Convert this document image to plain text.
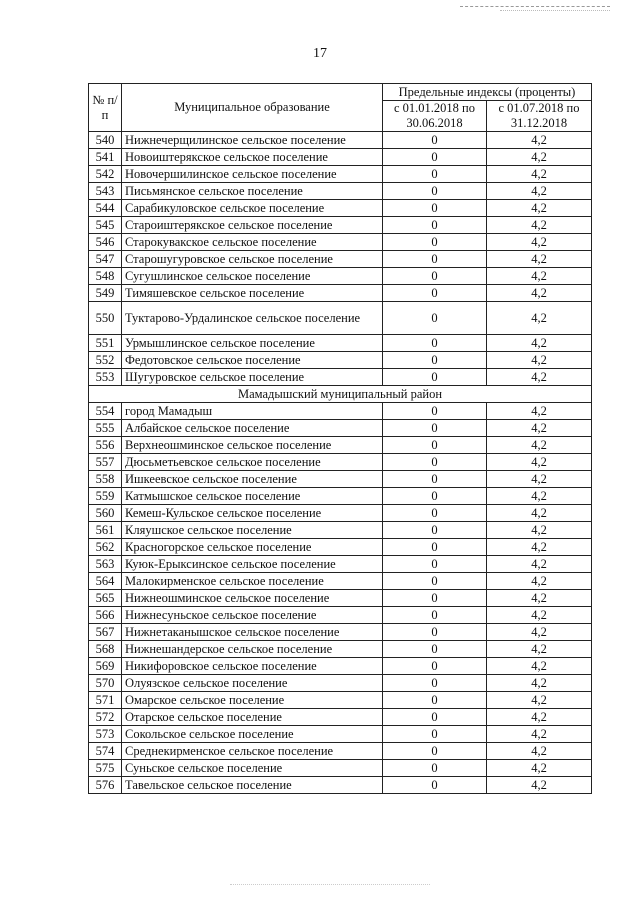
17
№ п/п	Муниципальное образование	Предельные индексы (проценты)	
		с 01.01.2018 по 30.06.2018	с 01.07.2018 по 31.12.2018
540	Нижнечерщилинское сельское поселение	0	4,2
541	Новоиштерякское сельское поселение	0	4,2
542	Новочершилинское сельское поселение	0	4,2
543	Письмянское сельское поселение	0	4,2
544	Сарабикуловское сельское поселение	0	4,2
545	Староиштерякское сельское поселение	0	4,2
546	Старокувакское сельское поселение	0	4,2
547	Старошугуровское сельское поселение	0	4,2
548	Сугушлинское сельское поселение	0	4,2
549	Тимяшевское сельское поселение	0	4,2
550	Туктарово-Урдалинское сельское поселение	0	4,2
551	Урмышлинское сельское поселение	0	4,2
552	Федотовское сельское поселение	0	4,2
553	Шугуровское сельское поселение	0	4,2
Мамадышский муниципальный район			
554	город Мамадыш	0	4,2
555	Албайское сельское поселение	0	4,2
556	Верхнеошминское сельское поселение	0	4,2
557	Дюсьметьевское сельское поселение	0	4,2
558	Ишкеевское сельское поселение	0	4,2
559	Катмышское сельское поселение	0	4,2
560	Кемеш-Кульское сельское поселение	0	4,2
561	Кляушское сельское поселение	0	4,2
562	Красногорское сельское поселение	0	4,2
563	Куюк-Ерыксинское сельское поселение	0	4,2
564	Малокирменское сельское поселение	0	4,2
565	Нижнеошминское сельское поселение	0	4,2
566	Нижнесуньское сельское поселение	0	4,2
567	Нижнетаканышское сельское поселение	0	4,2
568	Нижнешандерское сельское поселение	0	4,2
569	Никифоровское сельское поселение	0	4,2
570	Олуязское сельское поселение	0	4,2
571	Омарское сельское поселение	0	4,2
572	Отарское сельское поселение	0	4,2
573	Сокольское сельское поселение	0	4,2
574	Среднекирменское сельское поселение	0	4,2
575	Суньское сельское поселение	0	4,2
576	Тавельское сельское поселение	0	4,2
